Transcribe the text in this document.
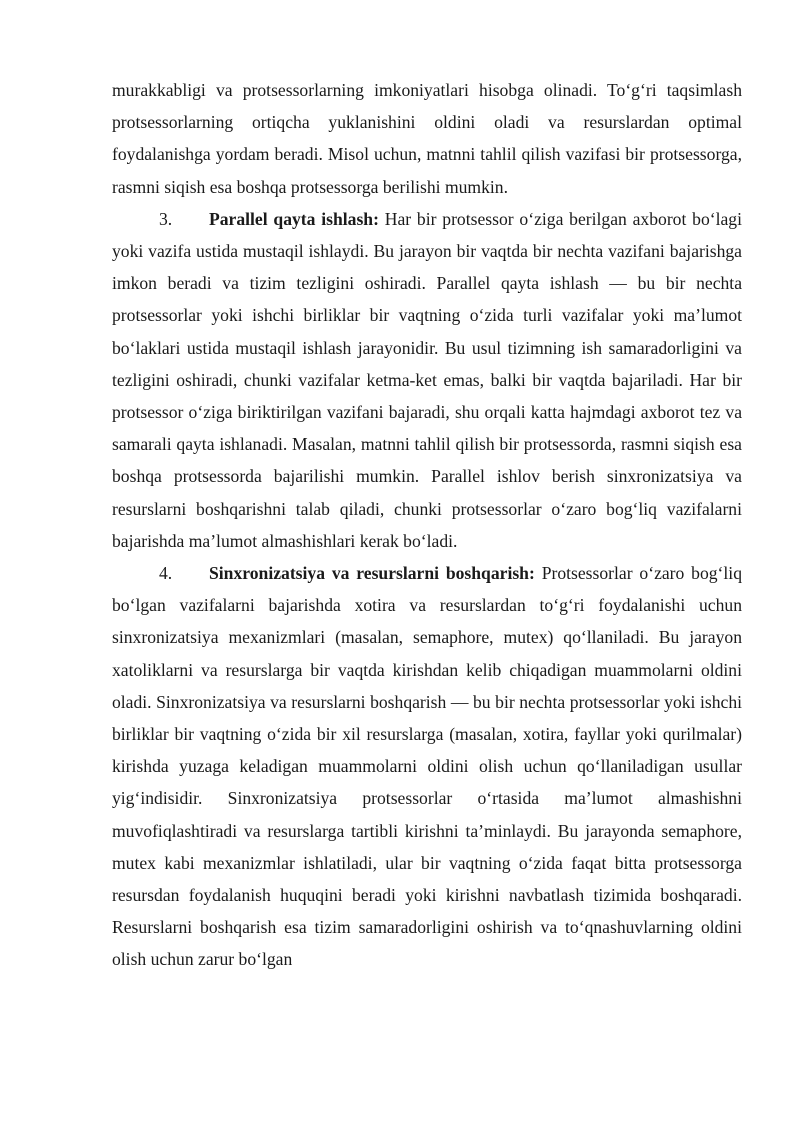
murakkabligi va protsessorlarning imkoniyatlari hisobga olinadi. To‘g‘ri taqsimlash protsessorlarning ortiqcha yuklanishini oldini oladi va resurslardan optimal foydalanishga yordam beradi. Misol uchun, matnni tahlil qilish vazifasi bir protsessorga, rasmni siqish esa boshqa protsessorga berilishi mumkin.

3. Parallel qayta ishlash: Har bir protsessor o‘ziga berilgan axborot bo‘lagi yoki vazifa ustida mustaqil ishlaydi. Bu jarayon bir vaqtda bir nechta vazifani bajarishga imkon beradi va tizim tezligini oshiradi. Parallel qayta ishlash — bu bir nechta protsessorlar yoki ishchi birliklar bir vaqtning o‘zida turli vazifalar yoki ma’lumot bo‘laklari ustida mustaqil ishlash jarayonidir. Bu usul tizimning ish samaradorligini va tezligini oshiradi, chunki vazifalar ketma-ket emas, balki bir vaqtda bajariladi. Har bir protsessor o‘ziga biriktirilgan vazifani bajaradi, shu orqali katta hajmdagi axborot tez va samarali qayta ishlanadi. Masalan, matnni tahlil qilish bir protsessorda, rasmni siqish esa boshqa protsessorda bajarilishi mumkin. Parallel ishlov berish sinxronizatsiya va resurslarni boshqarishni talab qiladi, chunki protsessorlar o‘zaro bog‘liq vazifalarni bajarishda ma’lumot almashishlari kerak bo‘ladi.

4. Sinxronizatsiya va resurslarni boshqarish: Protsessorlar o‘zaro bog‘liq bo‘lgan vazifalarni bajarishda xotira va resurslardan to‘g‘ri foydalanishi uchun sinxronizatsiya mexanizmlari (masalan, semaphore, mutex) qo‘llaniladi. Bu jarayon xatoliklarni va resurslarga bir vaqtda kirishdan kelib chiqadigan muammolarni oldini oladi. Sinxronizatsiya va resurslarni boshqarish — bu bir nechta protsessorlar yoki ishchi birliklar bir vaqtning o‘zida bir xil resurslarga (masalan, xotira, fayllar yoki qurilmalar) kirishda yuzaga keladigan muammolarni oldini olish uchun qo‘llaniladigan usullar yig‘indisidir. Sinxronizatsiya protsessorlar o‘rtasida ma’lumot almashishni muvofiqlashtiradi va resurslarga tartibli kirishni ta’minlaydi. Bu jarayonda semaphore, mutex kabi mexanizmlar ishlatiladi, ular bir vaqtning o‘zida faqat bitta protsessorga resursdan foydalanish huquqini beradi yoki kirishni navbatlash tizimida boshqaradi. Resurslarni boshqarish esa tizim samaradorligini oshirish va to‘qnashuvlarning oldini olish uchun zarur bo‘lgan
